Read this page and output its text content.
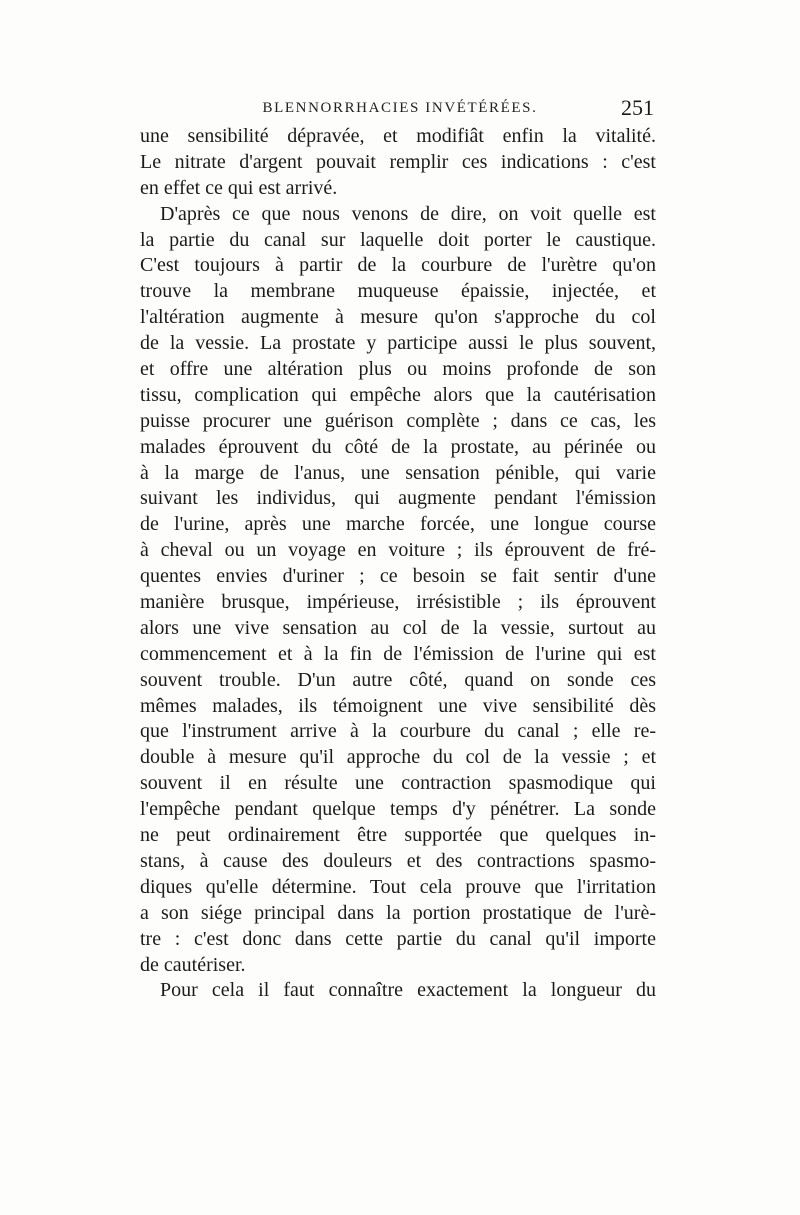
BLENNORRHACIES INVÉTÉRÉES.	251
une sensibilité dépravée, et modifiât enfin la vitalité.
Le nitrate d'argent pouvait remplir ces indications : c'est
en effet ce qui est arrivé.
D'après ce que nous venons de dire, on voit quelle est
la partie du canal sur laquelle doit porter le caustique.
C'est toujours à partir de la courbure de l'urètre qu'on
trouve la membrane muqueuse épaissie, injectée, et
l'altération augmente à mesure qu'on s'approche du col
de la vessie. La prostate y participe aussi le plus souvent,
et offre une altération plus ou moins profonde de son
tissu, complication qui empêche alors que la cautérisation
puisse procurer une guérison complète ; dans ce cas, les
malades éprouvent du côté de la prostate, au périnée ou
à la marge de l'anus, une sensation pénible, qui varie
suivant les individus, qui augmente pendant l'émission
de l'urine, après une marche forcée, une longue course
à cheval ou un voyage en voiture ; ils éprouvent de fré-
quentes envies d'uriner ; ce besoin se fait sentir d'une
manière brusque, impérieuse, irrésistible ; ils éprouvent
alors une vive sensation au col de la vessie, surtout au
commencement et à la fin de l'émission de l'urine qui est
souvent trouble. D'un autre côté, quand on sonde ces
mêmes malades, ils témoignent une vive sensibilité dès
que l'instrument arrive à la courbure du canal ; elle re-
double à mesure qu'il approche du col de la vessie ; et
souvent il en résulte une contraction spasmodique qui
l'empêche pendant quelque temps d'y pénétrer. La sonde
ne peut ordinairement être supportée que quelques in-
stans, à cause des douleurs et des contractions spasmo-
diques qu'elle détermine. Tout cela prouve que l'irritation
a son siége principal dans la portion prostatique de l'urè-
tre : c'est donc dans cette partie du canal qu'il importe
de cautériser.
Pour cela il faut connaître exactement la longueur du
